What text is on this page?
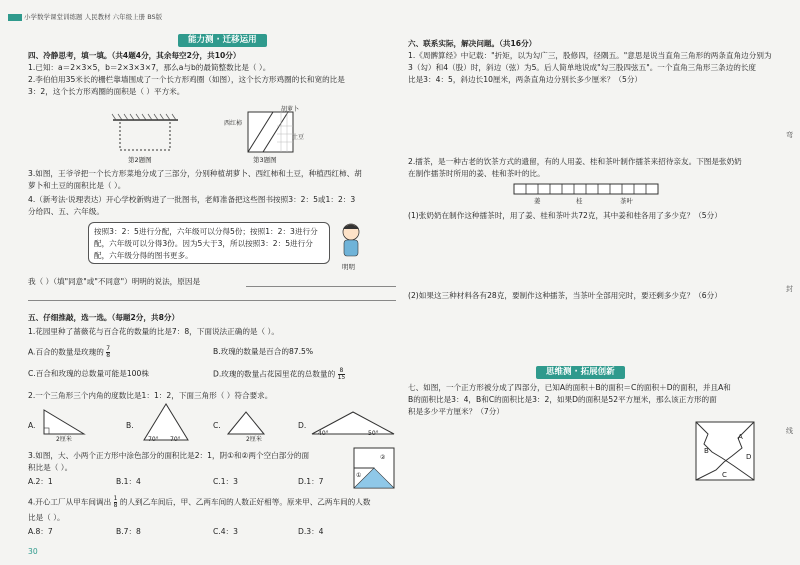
小学数学课堂训练题 人民教材 六年级上册 BS版
能力测 · 迁移运用
四、冷静思考，填一填。（共4题4分，其余每空2分，共10分）
1.已知：a＝2×3×5，b＝2×3×3×7，那么a与b的最简整数比是（ ）。
2.李伯伯用35米长的栅栏靠墙围成了一个长方形鸡圈（如图），这个长方形鸡圈的长和宽的比是
3：2，这个长方形鸡圈的面积是（ ）平方米。
第2题图
胡萝卜
西红柿
土豆
第3题图
3.如图，王爷爷把一个长方形菜地分成了三部分，分别种植胡萝卜、西红柿和土豆，种植西红柿、胡
萝卜和土豆的面积比是（ ）。
4.（新考法·说理表达）开心学校新购进了一批图书，老师准备把这些图书按照3：2：5或1：2：3
分给四、五、六年级。
按照3：2：5进行分配，六年级可以分得5份；按照1：2：3进行分
配，六年级可以分得3份。因为5大于3，所以按照3：2：5进行分
配，六年级分得的图书更多。
明明
我（ ）（填"同意"或"不同意"）明明的说法，原因是
五、仔细推敲，选一选。（每题2分，共8分）
1.花园里种了蔷薇花与百合花的数量的比是7：8，下面说法正确的是（ ）。
A.百合的数量是玫瑰的 $\frac{7}{8}$	B.玫瑰的数量是百合的87.5%
C.百合和玫瑰的总数量可能是100株	D.玫瑰的数量占花园里花的总数量的 $\frac{8}{15}$
2.一个三角形三个内角的度数比是1：1：2，下面三角形（ ）符合要求。
A.
2厘米
B.
70° 70°
C.
2厘米
D.
40°	50°
3.如图，大、小两个正方形中涂色部分的面积比是2：1，阴①和②两个空白部分的面
积比是（ ）。
②
①
A.2：1	B.1：4	C.1：3	D.1：7
4.开心工厂从甲车间调出 $\frac{1}{8}$ 的人到乙车间后，甲、乙两车间的人数正好相等。原来甲、乙两车间的人数
比是（ ）。
A.8：7	B.7：8	C.4：3	D.3：4
30
六、联系实际，解决问题。（共16分）
1.《周髀算经》中记载："折矩，以为勾广三，股修四，径隅五。"意思是说当直角三角形的两条直角边分别为
3（勾）和4（股）时，斜边（弦）为5。后人简单地说成"勾三股四弦五"。一个直角三角形三条边的长度
比是3：4：5，斜边长10厘米，两条直角边分别长多少厘米？（5分）
2.擂茶，是一种古老的饮茶方式的遗留，有的人用姜、桂和茶叶制作擂茶来招待亲友。下图是张奶奶
在制作擂茶时所用的姜、桂和茶叶的比。
姜	桂	茶叶
(1)张奶奶在制作这种擂茶时，用了姜、桂和茶叶共72克，其中姜和桂各用了多少克？（5分）
(2)如果这三种材料各有28克，要制作这种擂茶，当茶叶全部用完时，要还剩多少克？（6分）
思维测 · 拓展创新
七、如图，一个正方形被分成了四部分，已知A的面积＋B的面积＝C的面积＋D的面积，并且A和
B的面积比是3：4，B和C的面积比是3：2，如果D的面积是52平方厘米，那么该正方形的面
积是多少平方厘米？（7分）
A
B
D
C
弯
封
线
